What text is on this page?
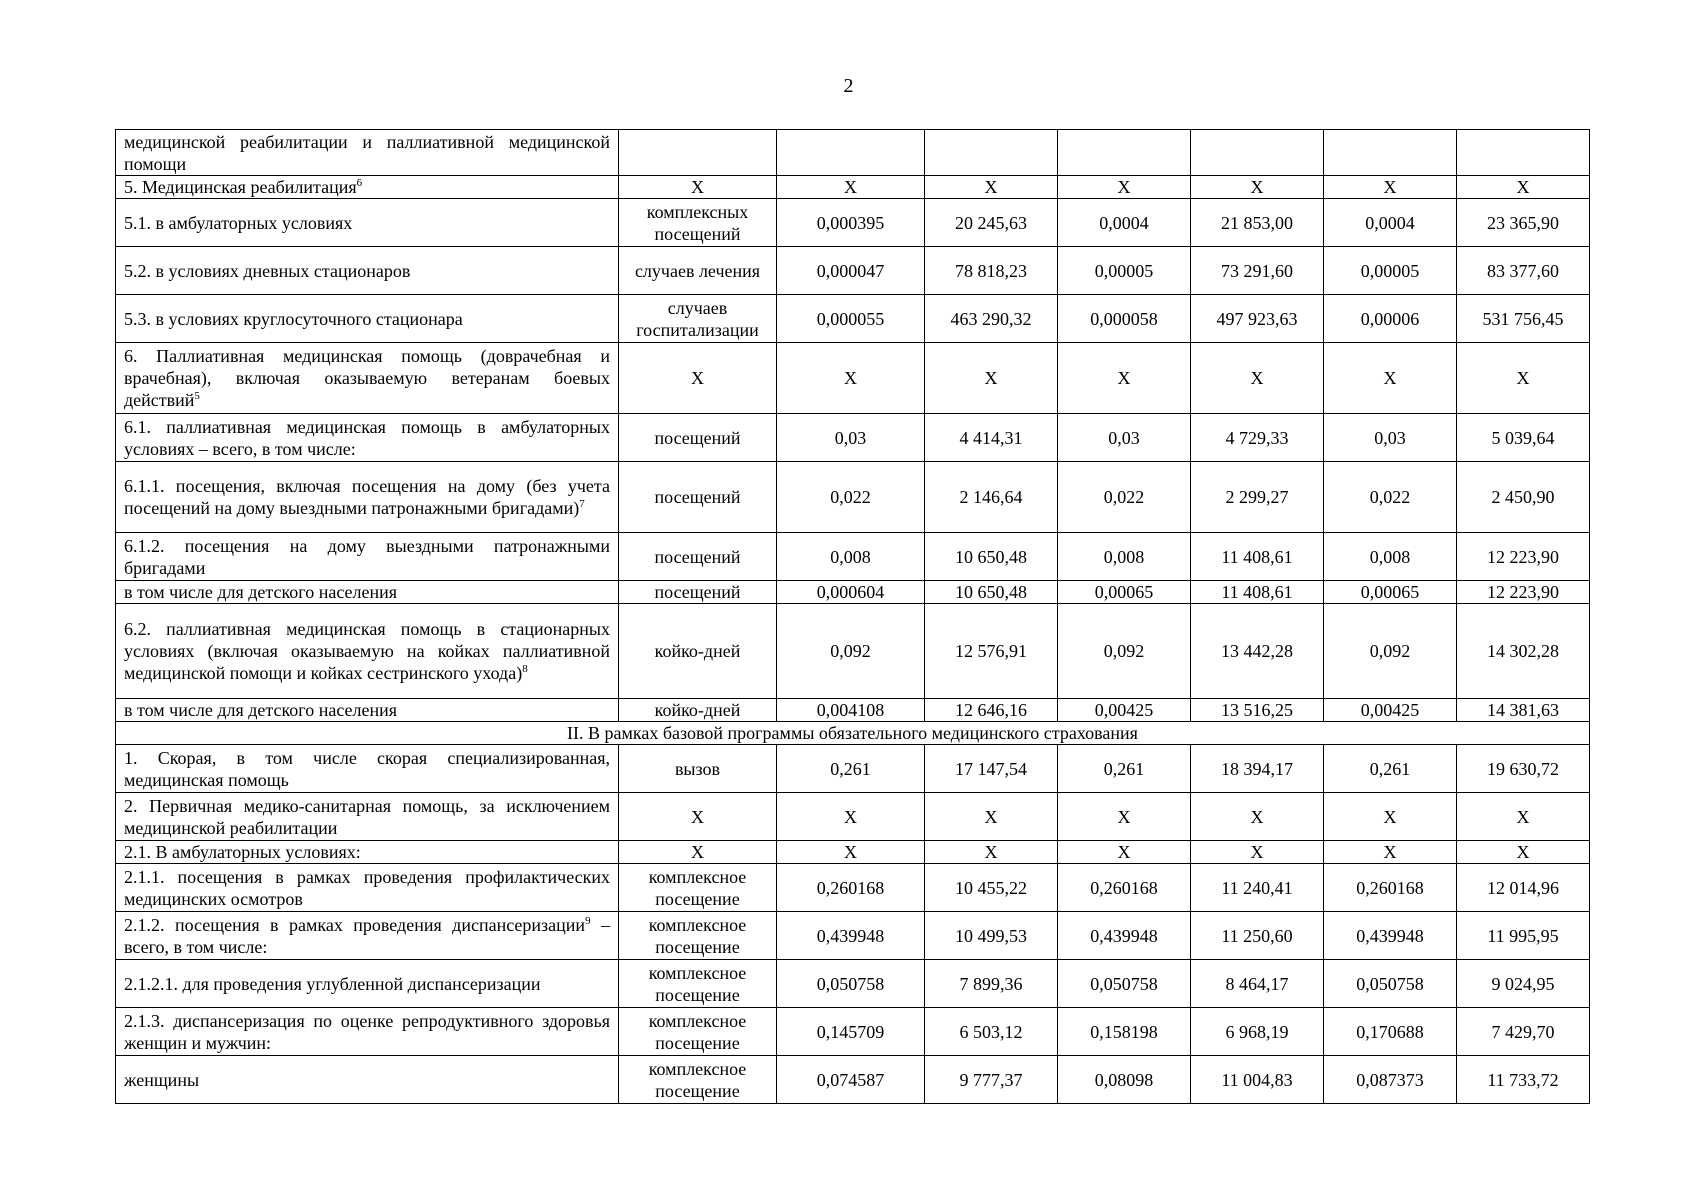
2
медицинской реабилитации и паллиативной медицинской помощи							
5. Медицинская реабилитация$^6$	Х	Х	Х	Х	Х	Х	Х
5.1. в амбулаторных условиях	комплексных посещений	0,000395	20 245,63	0,0004	21 853,00	0,0004	23 365,90
5.2. в условиях дневных стационаров	случаев лечения	0,000047	78 818,23	0,00005	73 291,60	0,00005	83 377,60
5.3. в условиях круглосуточного стационара	случаев госпитализации	0,000055	463 290,32	0,000058	497 923,63	0,00006	531 756,45
6. Паллиативная медицинская помощь (доврачебная и врачебная), включая оказываемую ветеранам боевых действий$^5$	Х	Х	Х	Х	Х	Х	Х
6.1. паллиативная медицинская помощь в амбулаторных условиях – всего, в том числе:	посещений	0,03	4 414,31	0,03	4 729,33	0,03	5 039,64
6.1.1. посещения, включая посещения на дому (без учета посещений на дому выездными патронажными бригадами)$^7$	посещений	0,022	2 146,64	0,022	2 299,27	0,022	2 450,90
6.1.2. посещения на дому выездными патронажными бригадами	посещений	0,008	10 650,48	0,008	11 408,61	0,008	12 223,90
в том числе для детского населения	посещений	0,000604	10 650,48	0,00065	11 408,61	0,00065	12 223,90
6.2. паллиативная медицинская помощь в стационарных условиях (включая оказываемую на койках паллиативной медицинской помощи и койках сестринского ухода)$^8$	койко-дней	0,092	12 576,91	0,092	13 442,28	0,092	14 302,28
в том числе для детского населения	койко-дней	0,004108	12 646,16	0,00425	13 516,25	0,00425	14 381,63
II. В рамках базовой программы обязательного медицинского страхования							
1. Скорая, в том числе скорая специализированная, медицинская помощь	вызов	0,261	17 147,54	0,261	18 394,17	0,261	19 630,72
2. Первичная медико-санитарная помощь, за исключением медицинской реабилитации	Х	Х	Х	Х	Х	Х	Х
2.1. В амбулаторных условиях:	Х	Х	Х	Х	Х	Х	Х
2.1.1. посещения в рамках проведения профилактических медицинских осмотров	комплексное посещение	0,260168	10 455,22	0,260168	11 240,41	0,260168	12 014,96
2.1.2. посещения в рамках проведения диспансеризации$^9$ – всего, в том числе:	комплексное посещение	0,439948	10 499,53	0,439948	11 250,60	0,439948	11 995,95
2.1.2.1. для проведения углубленной диспансеризации	комплексное посещение	0,050758	7 899,36	0,050758	8 464,17	0,050758	9 024,95
2.1.3. диспансеризация по оценке репродуктивного здоровья женщин и мужчин:	комплексное посещение	0,145709	6 503,12	0,158198	6 968,19	0,170688	7 429,70
женщины	комплексное посещение	0,074587	9 777,37	0,08098	11 004,83	0,087373	11 733,72
